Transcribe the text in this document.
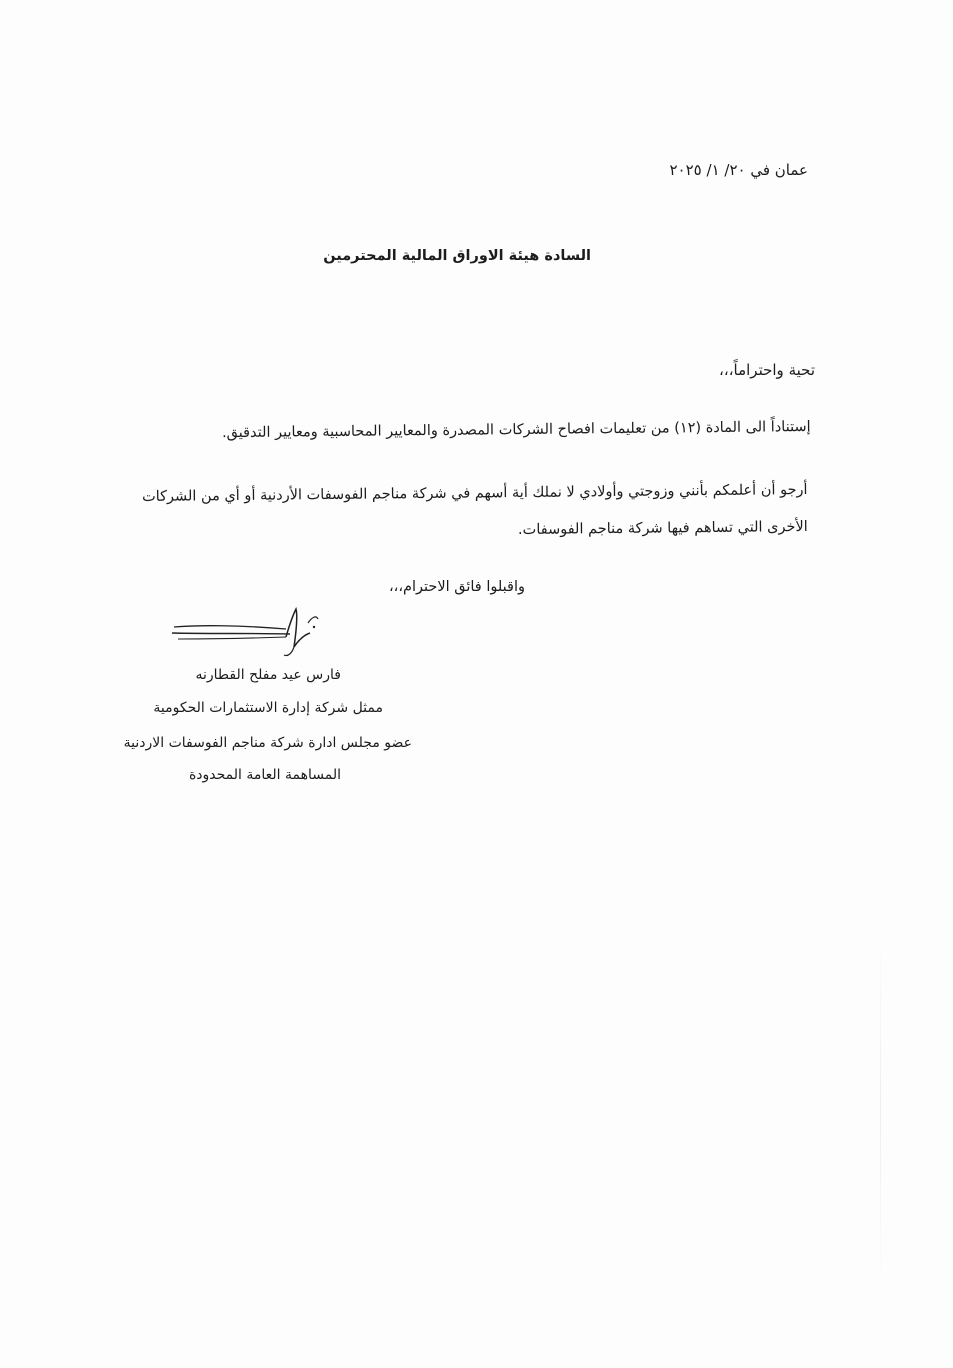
عمان في ٢٠/ ١/ ٢٠٢٥
السادة هيئة الاوراق المالية المحترمين
تحية واحتراماً،،،
إستناداً الى المادة (١٢) من تعليمات افصاح الشركات المصدرة والمعايير المحاسبية ومعايير التدقيق.
أرجو أن أعلمكم بأنني وزوجتي وأولادي لا نملك أية أسهم في شركة مناجم الفوسفات الأردنية أو أي من الشركات
الأخرى التي تساهم فيها شركة مناجم الفوسفات.
واقبلوا فائق الاحترام،،،
فارس عيد مفلح القطارنه
ممثل شركة إدارة الاستثمارات الحكومية
عضو مجلس ادارة شركة مناجم الفوسفات الاردنية
المساهمة العامة المحدودة
